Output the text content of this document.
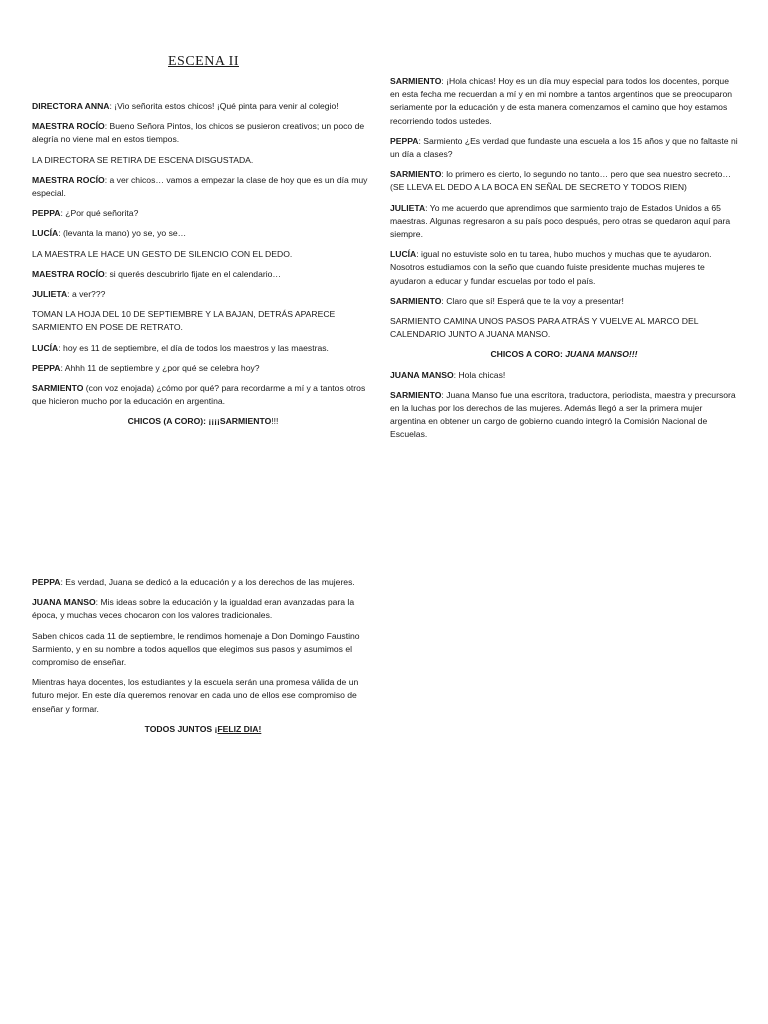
ESCENA II

DIRECTORA ANNA: ¡Vio señorita estos chicos! ¡Qué pinta para venir al colegio!

MAESTRA ROCÍO: Bueno Señora Pintos, los chicos se pusieron creativos; un poco de alegría no viene mal en estos tiempos.

LA DIRECTORA SE RETIRA DE ESCENA DISGUSTADA.

MAESTRA ROCÍO: a ver chicos… vamos a empezar la clase de hoy que es un día muy especial.

PEPPA: ¿Por qué señorita?

LUCÍA: (levanta la mano) yo se, yo se…

LA MAESTRA LE HACE UN GESTO DE SILENCIO CON EL DEDO.

MAESTRA ROCÍO: si querés descubrirlo fijate en el calendario…

JULIETA: a ver???

TOMAN LA HOJA DEL 10 DE SEPTIEMBRE Y LA BAJAN, DETRÁS APARECE SARMIENTO EN POSE DE RETRATO.

LUCÍA: hoy es 11 de septiembre, el día de todos los maestros y las maestras.

PEPPA: Ahhh 11 de septiembre y ¿por qué se celebra hoy?

SARMIENTO (con voz enojada) ¿cómo por qué? para recordarme a mí y a tantos otros que hicieron mucho por la educación en argentina.

CHICOS (A CORO): ¡¡¡¡SARMIENTO!!!

SARMIENTO: ¡Hola chicas! Hoy es un día muy especial para todos los docentes, porque en esta fecha me recuerdan a mí y en mi nombre a tantos argentinos que se preocuparon seriamente por la educación y de esta manera comenzamos el camino que hoy estamos recorriendo todos ustedes.

PEPPA: Sarmiento ¿Es verdad que fundaste una escuela a los 15 años y que no faltaste ni un día a clases?

SARMIENTO: lo primero es cierto, lo segundo no tanto… pero que sea nuestro secreto… (SE LLEVA EL DEDO A LA BOCA EN SEÑAL DE SECRETO Y TODOS RIEN)

JULIETA: Yo me acuerdo que aprendimos que sarmiento trajo de Estados Unidos a 65 maestras. Algunas regresaron a su país poco después, pero otras se quedaron aquí para siempre.

LUCÍA: igual no estuviste solo en tu tarea, hubo muchos y muchas que te ayudaron. Nosotros estudiamos con la seño que cuando fuiste presidente muchas mujeres te ayudaron a educar y fundar escuelas por todo el país.

SARMIENTO: Claro que sí! Esperá que te la voy a presentar!

SARMIENTO CAMINA UNOS PASOS PARA ATRÁS Y VUELVE AL MARCO DEL CALENDARIO JUNTO A JUANA MANSO.

CHICOS A CORO: JUANA MANSO!!!

JUANA MANSO: Hola chicas!

SARMIENTO: Juana Manso fue una escritora, traductora, periodista, maestra y precursora en la luchas por los derechos de las mujeres. Además llegó a ser la primera mujer argentina en obtener un cargo de gobierno cuando integró la Comisión Nacional de Escuelas.

PEPPA: Es verdad, Juana se dedicó a la educación y a los derechos de las mujeres.

JUANA MANSO: Mis ideas sobre la educación y la igualdad eran avanzadas para la época, y muchas veces chocaron con los valores tradicionales.

Saben chicos cada 11 de septiembre, le rendimos homenaje a Don Domingo Faustino Sarmiento, y en su nombre a todos aquellos que elegimos sus pasos y asumimos el compromiso de enseñar.

Mientras haya docentes, los estudiantes y la escuela serán una promesa válida de un futuro mejor. En este día queremos renovar en cada uno de ellos ese compromiso de enseñar y formar.

TODOS JUNTOS ¡FELIZ DIA!
